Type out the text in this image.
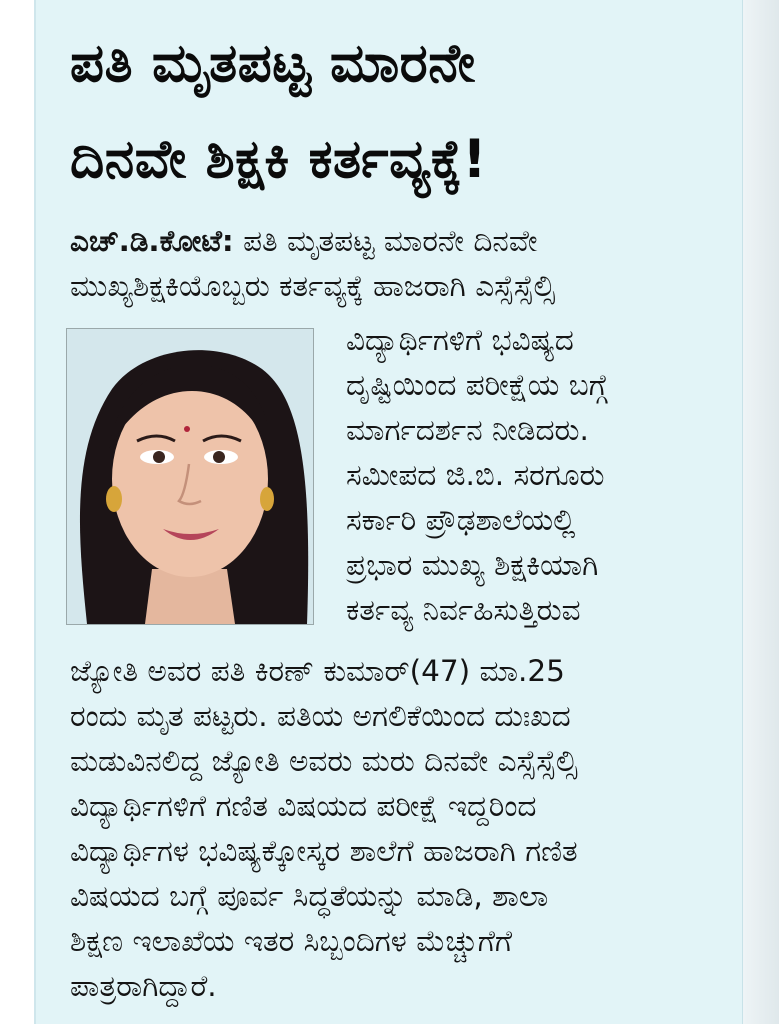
ಪತಿ ಮೃತಪಟ್ಟ ಮಾರನೇ
ದಿನವೇ ಶಿಕ್ಷಕಿ ಕರ್ತವ್ಯಕ್ಕೆ!

ಎಚ್.ಡಿ.ಕೋಟೆ: ಪತಿ ಮೃತಪಟ್ಟ ಮಾರನೇ ದಿನವೇ

ಮುಖ್ಯಶಿಕ್ಷಕಿಯೊಬ್ಬರು ಕರ್ತವ್ಯಕ್ಕೆ ಹಾಜರಾಗಿ ಎಸ್ಸೆಸ್ಸೆಲ್ಸಿ

ವಿದ್ಯಾರ್ಥಿಗಳಿಗೆ ಭವಿಷ್ಯದ

ದೃಷ್ಟಿಯಿಂದ ಪರೀಕ್ಷೆಯ ಬಗ್ಗೆ

ಮಾರ್ಗದರ್ಶನ ನೀಡಿದರು.

ಸಮೀಪದ ಜಿ.ಬಿ. ಸರಗೂರು

ಸರ್ಕಾರಿ ಪ್ರೌಢಶಾಲೆಯಲ್ಲಿ

ಪ್ರಭಾರ ಮುಖ್ಯ ಶಿಕ್ಷಕಿಯಾಗಿ

ಕರ್ತವ್ಯ ನಿರ್ವಹಿಸುತ್ತಿರುವ

ಜ್ಯೋತಿ ಅವರ ಪತಿ ಕಿರಣ್ ಕುಮಾರ್(47) ಮಾ.25

ರಂದು ಮೃತ ಪಟ್ಟರು. ಪತಿಯ ಅಗಲಿಕೆಯಿಂದ ದುಃಖದ

ಮಡುವಿನಲಿದ್ದ ಜ್ಯೋತಿ ಅವರು ಮರು ದಿನವೇ ಎಸ್ಸೆಸ್ಸೆಲ್ಸಿ

ವಿದ್ಯಾರ್ಥಿಗಳಿಗೆ ಗಣಿತ ವಿಷಯದ ಪರೀಕ್ಷೆ ಇದ್ದರಿಂದ

ವಿದ್ಯಾರ್ಥಿಗಳ ಭವಿಷ್ಯಕ್ಕೋಸ್ಕರ ಶಾಲೆಗೆ ಹಾಜರಾಗಿ ಗಣಿತ

ವಿಷಯದ ಬಗ್ಗೆ ಪೂರ್ವ ಸಿದ್ಧತೆಯನ್ನು ಮಾಡಿ, ಶಾಲಾ

ಶಿಕ್ಷಣ ಇಲಾಖೆಯ ಇತರ ಸಿಬ್ಬಂದಿಗಳ ಮೆಚ್ಚುಗೆಗೆ

ಪಾತ್ರರಾಗಿದ್ದಾರೆ.
